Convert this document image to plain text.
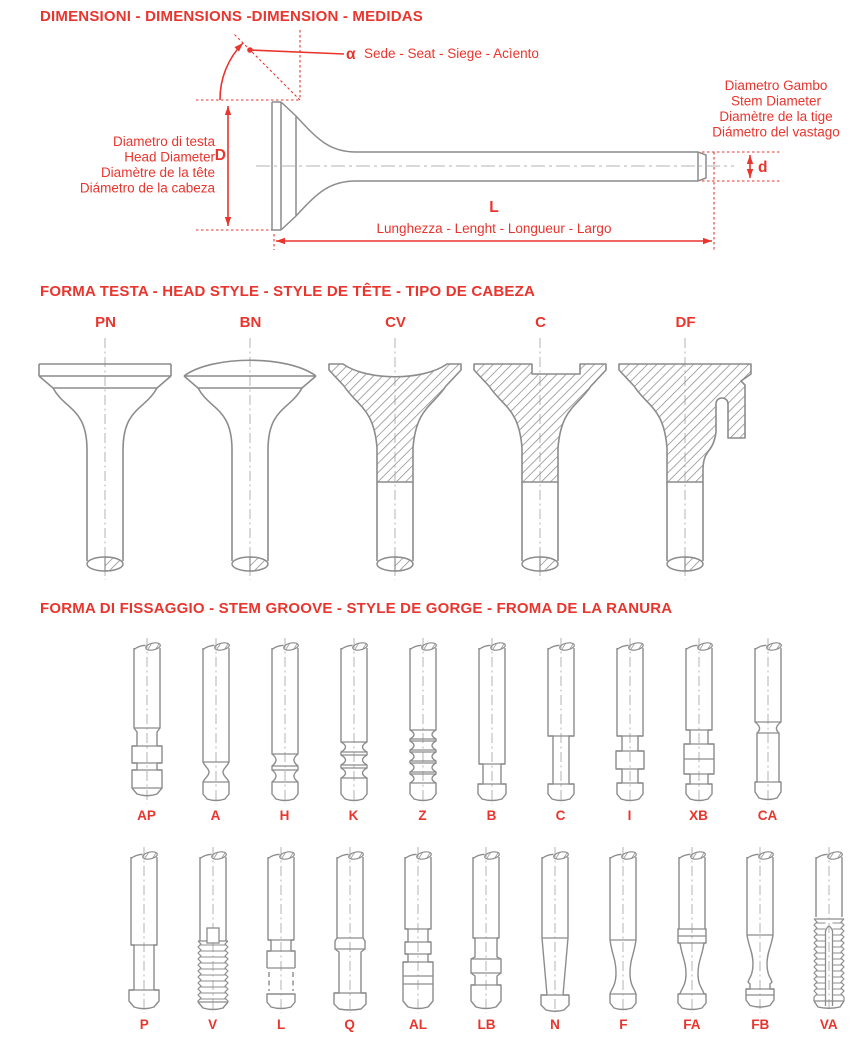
DIMENSIONI - DIMENSIONS -DIMENSION - MEDIDAS
α Sede - Seat - Siege - Acìento
D
Diametro di testa
Head Diameter
Diamètre de la tête
Diámetro de la cabeza
Diametro Gambo
Stem Diameter
Diamètre de la tige
Diámetro del vastago
d
L
Lunghezza - Lenght - Longueur - Largo
FORMA TESTA - HEAD STYLE - STYLE DE TÊTE - TIPO DE CABEZA
PN	BN	CV	C	DF
FORMA DI FISSAGGIO - STEM GROOVE - STYLE DE GORGE - FROMA DE LA RANURA
AP	A	H	K	Z	B	C	I	XB	CA
P	V	L	Q	AL	LB	N	F	FA	FB	VA
